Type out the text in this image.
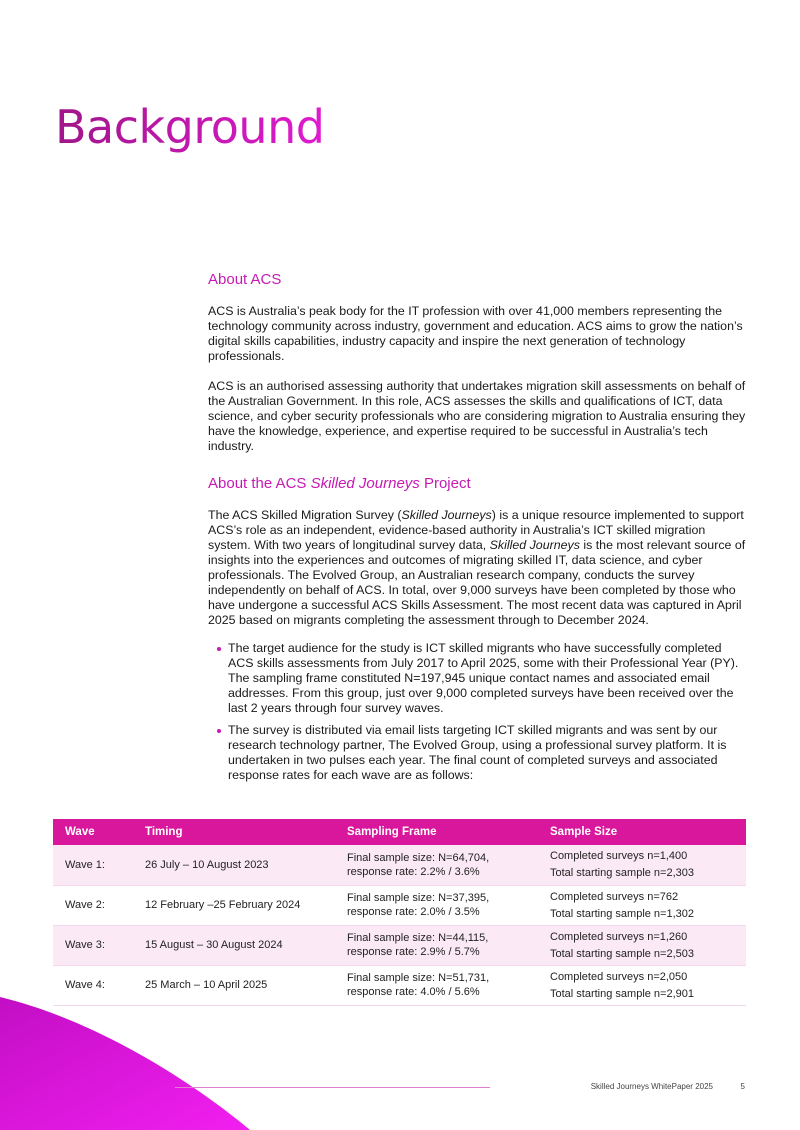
Background
About ACS

ACS is Australia’s peak body for the IT profession with over 41,000 members representing the technology community across industry, government and education. ACS aims to grow the nation’s digital skills capabilities, industry capacity and inspire the next generation of technology professionals.

ACS is an authorised assessing authority that undertakes migration skill assessments on behalf of the Australian Government. In this role, ACS assesses the skills and qualifications of ICT, data science, and cyber security professionals who are considering migration to Australia ensuring they have the knowledge, experience, and expertise required to be successful in Australia’s tech industry.

About the ACS Skilled Journeys Project

The ACS Skilled Migration Survey (Skilled Journeys) is a unique resource implemented to support ACS’s role as an independent, evidence-based authority in Australia’s ICT skilled migration system. With two years of longitudinal survey data, Skilled Journeys is the most relevant source of insights into the experiences and outcomes of migrating skilled IT, data science, and cyber professionals. The Evolved Group, an Australian research company, conducts the survey independently on behalf of ACS. In total, over 9,000 surveys have been completed by those who have undergone a successful ACS Skills Assessment. The most recent data was captured in April 2025 based on migrants completing the assessment through to December 2024.

The target audience for the study is ICT skilled migrants who have successfully completed ACS skills assessments from July 2017 to April 2025, some with their Professional Year (PY). The sampling frame constituted N=197,945 unique contact names and associated email addresses. From this group, just over 9,000 completed surveys have been received over the last 2 years through four survey waves.
The survey is distributed via email lists targeting ICT skilled migrants and was sent by our research technology partner, The Evolved Group, using a professional survey platform. It is undertaken in two pulses each year. The final count of completed surveys and associated response rates for each wave are as follows:
Wave	Timing	Sampling Frame	Sample Size
Wave 1:	26 July – 10 August 2023	Final sample size: N=64,704,
response rate: 2.2% / 3.6%	Completed surveys n=1,400
Total starting sample n=2,303

Wave 2:	12 February –25 February 2024	Final sample size: N=37,395,
response rate: 2.0% / 3.5%	Completed surveys n=762
Total starting sample n=1,302

Wave 3:	15 August – 30 August 2024	Final sample size: N=44,115,
response rate: 2.9% / 5.7%	Completed surveys n=1,260
Total starting sample n=2,503

Wave 4:	25 March – 10 April 2025	Final sample size: N=51,731,
response rate: 4.0% / 5.6%	Completed surveys n=2,050
Total starting sample n=2,901
Skilled Journeys WhitePaper 2025	5
